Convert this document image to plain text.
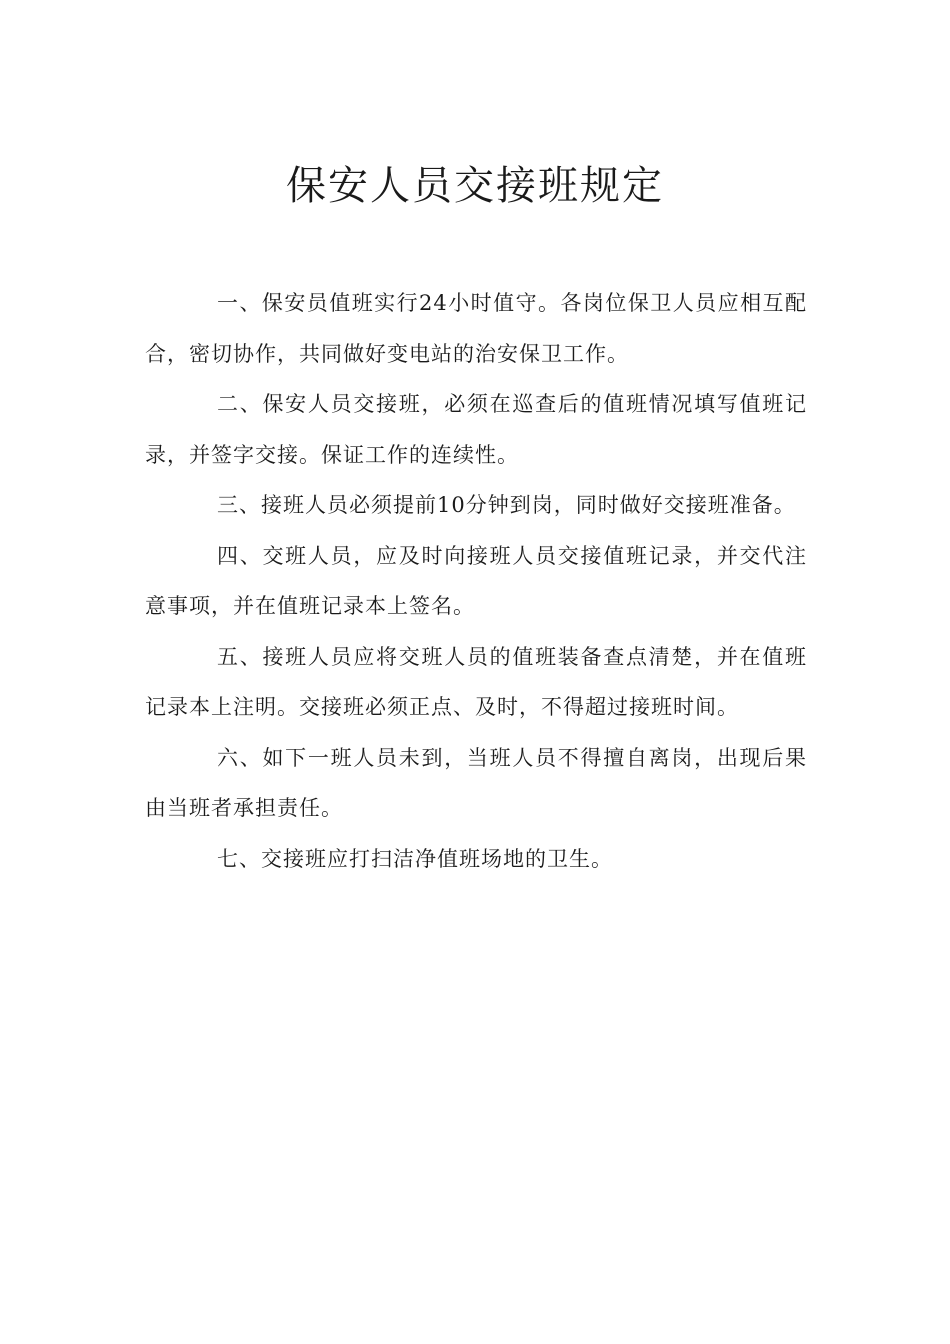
保安人员交接班规定

一、保安员值班实行24小时值守。各岗位保卫人员应相互配合，密切协作，共同做好变电站的治安保卫工作。

二、保安人员交接班，必须在巡查后的值班情况填写值班记录，并签字交接。保证工作的连续性。

三、接班人员必须提前10分钟到岗，同时做好交接班准备。

四、交班人员，应及时向接班人员交接值班记录，并交代注意事项，并在值班记录本上签名。

五、接班人员应将交班人员的值班装备查点清楚，并在值班记录本上注明。交接班必须正点、及时，不得超过接班时间。

六、如下一班人员未到，当班人员不得擅自离岗，出现后果由当班者承担责任。

七、交接班应打扫洁净值班场地的卫生。
